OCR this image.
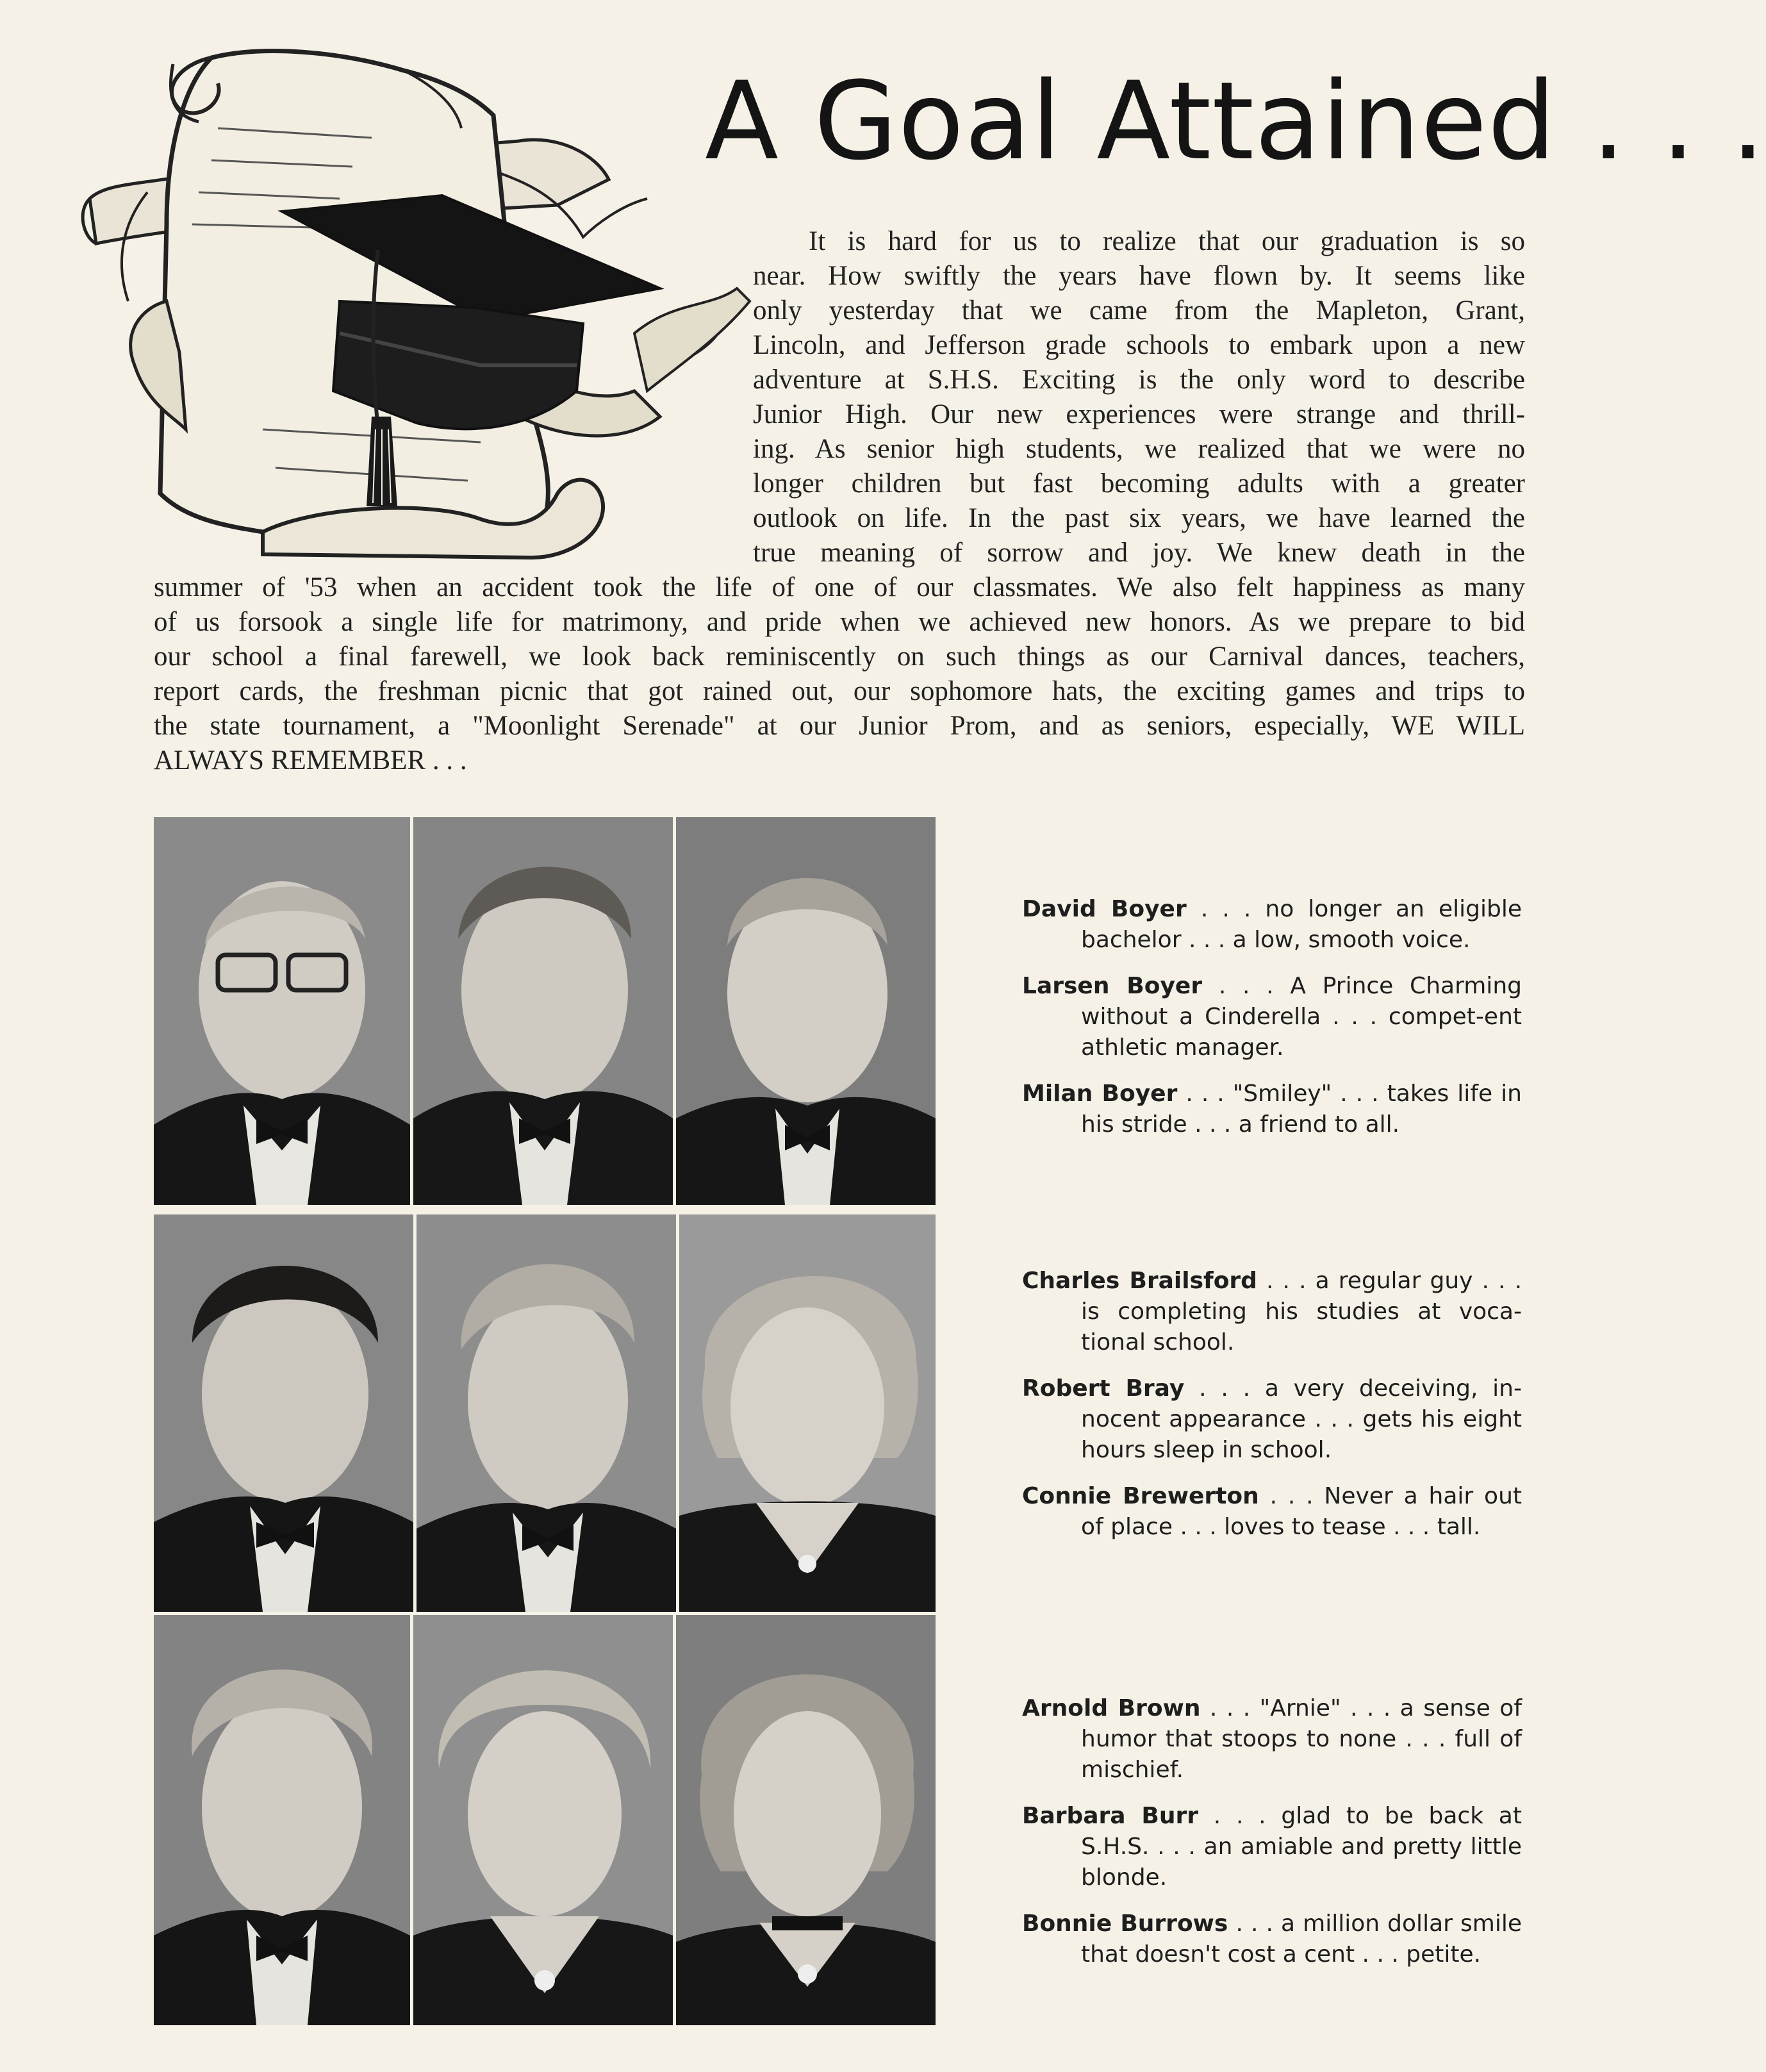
A Goal Attained . . .
It is hard for us to realize that our graduation is so
near. How swiftly the years have flown by. It seems like
only yesterday that we came from the Mapleton, Grant,
Lincoln, and Jefferson grade schools to embark upon a new
adventure at S.H.S. Exciting is the only word to describe
Junior High. Our new experiences were strange and thrill-
ing. As senior high students, we realized that we were no
longer children but fast becoming adults with a greater
outlook on life. In the past six years, we have learned the
true meaning of sorrow and joy. We knew death in the
summer of '53 when an accident took the life of one of our classmates. We also felt happiness as many
of us forsook a single life for matrimony, and pride when we achieved new honors. As we prepare to bid
our school a final farewell, we look back reminiscently on such things as our Carnival dances, teachers,
report cards, the freshman picnic that got rained out, our sophomore hats, the exciting games and trips to
the state tournament, a "Moonlight Serenade" at our Junior Prom, and as seniors, especially, WE WILL
ALWAYS REMEMBER . . .

David Boyer . . . no longer an eligible bachelor . . . a low, smooth voice.

Larsen Boyer . . . A Prince Charming without a Cinderella . . . compet-ent athletic manager.

Milan Boyer . . . "Smiley" . . . takes life in his stride . . . a friend to all.

Charles Brailsford . . . a regular guy . . . is completing his studies at voca-tional school.

Robert Bray . . . a very deceiving, in-nocent appearance . . . gets his eight hours sleep in school.

Connie Brewerton . . . Never a hair out of place . . . loves to tease . . . tall.

Arnold Brown . . . "Arnie" . . . a sense of humor that stoops to none . . . full of mischief.

Barbara Burr . . . glad to be back at S.H.S. . . . an amiable and pretty little blonde.

Bonnie Burrows . . . a million dollar smile that doesn't cost a cent . . . petite.
